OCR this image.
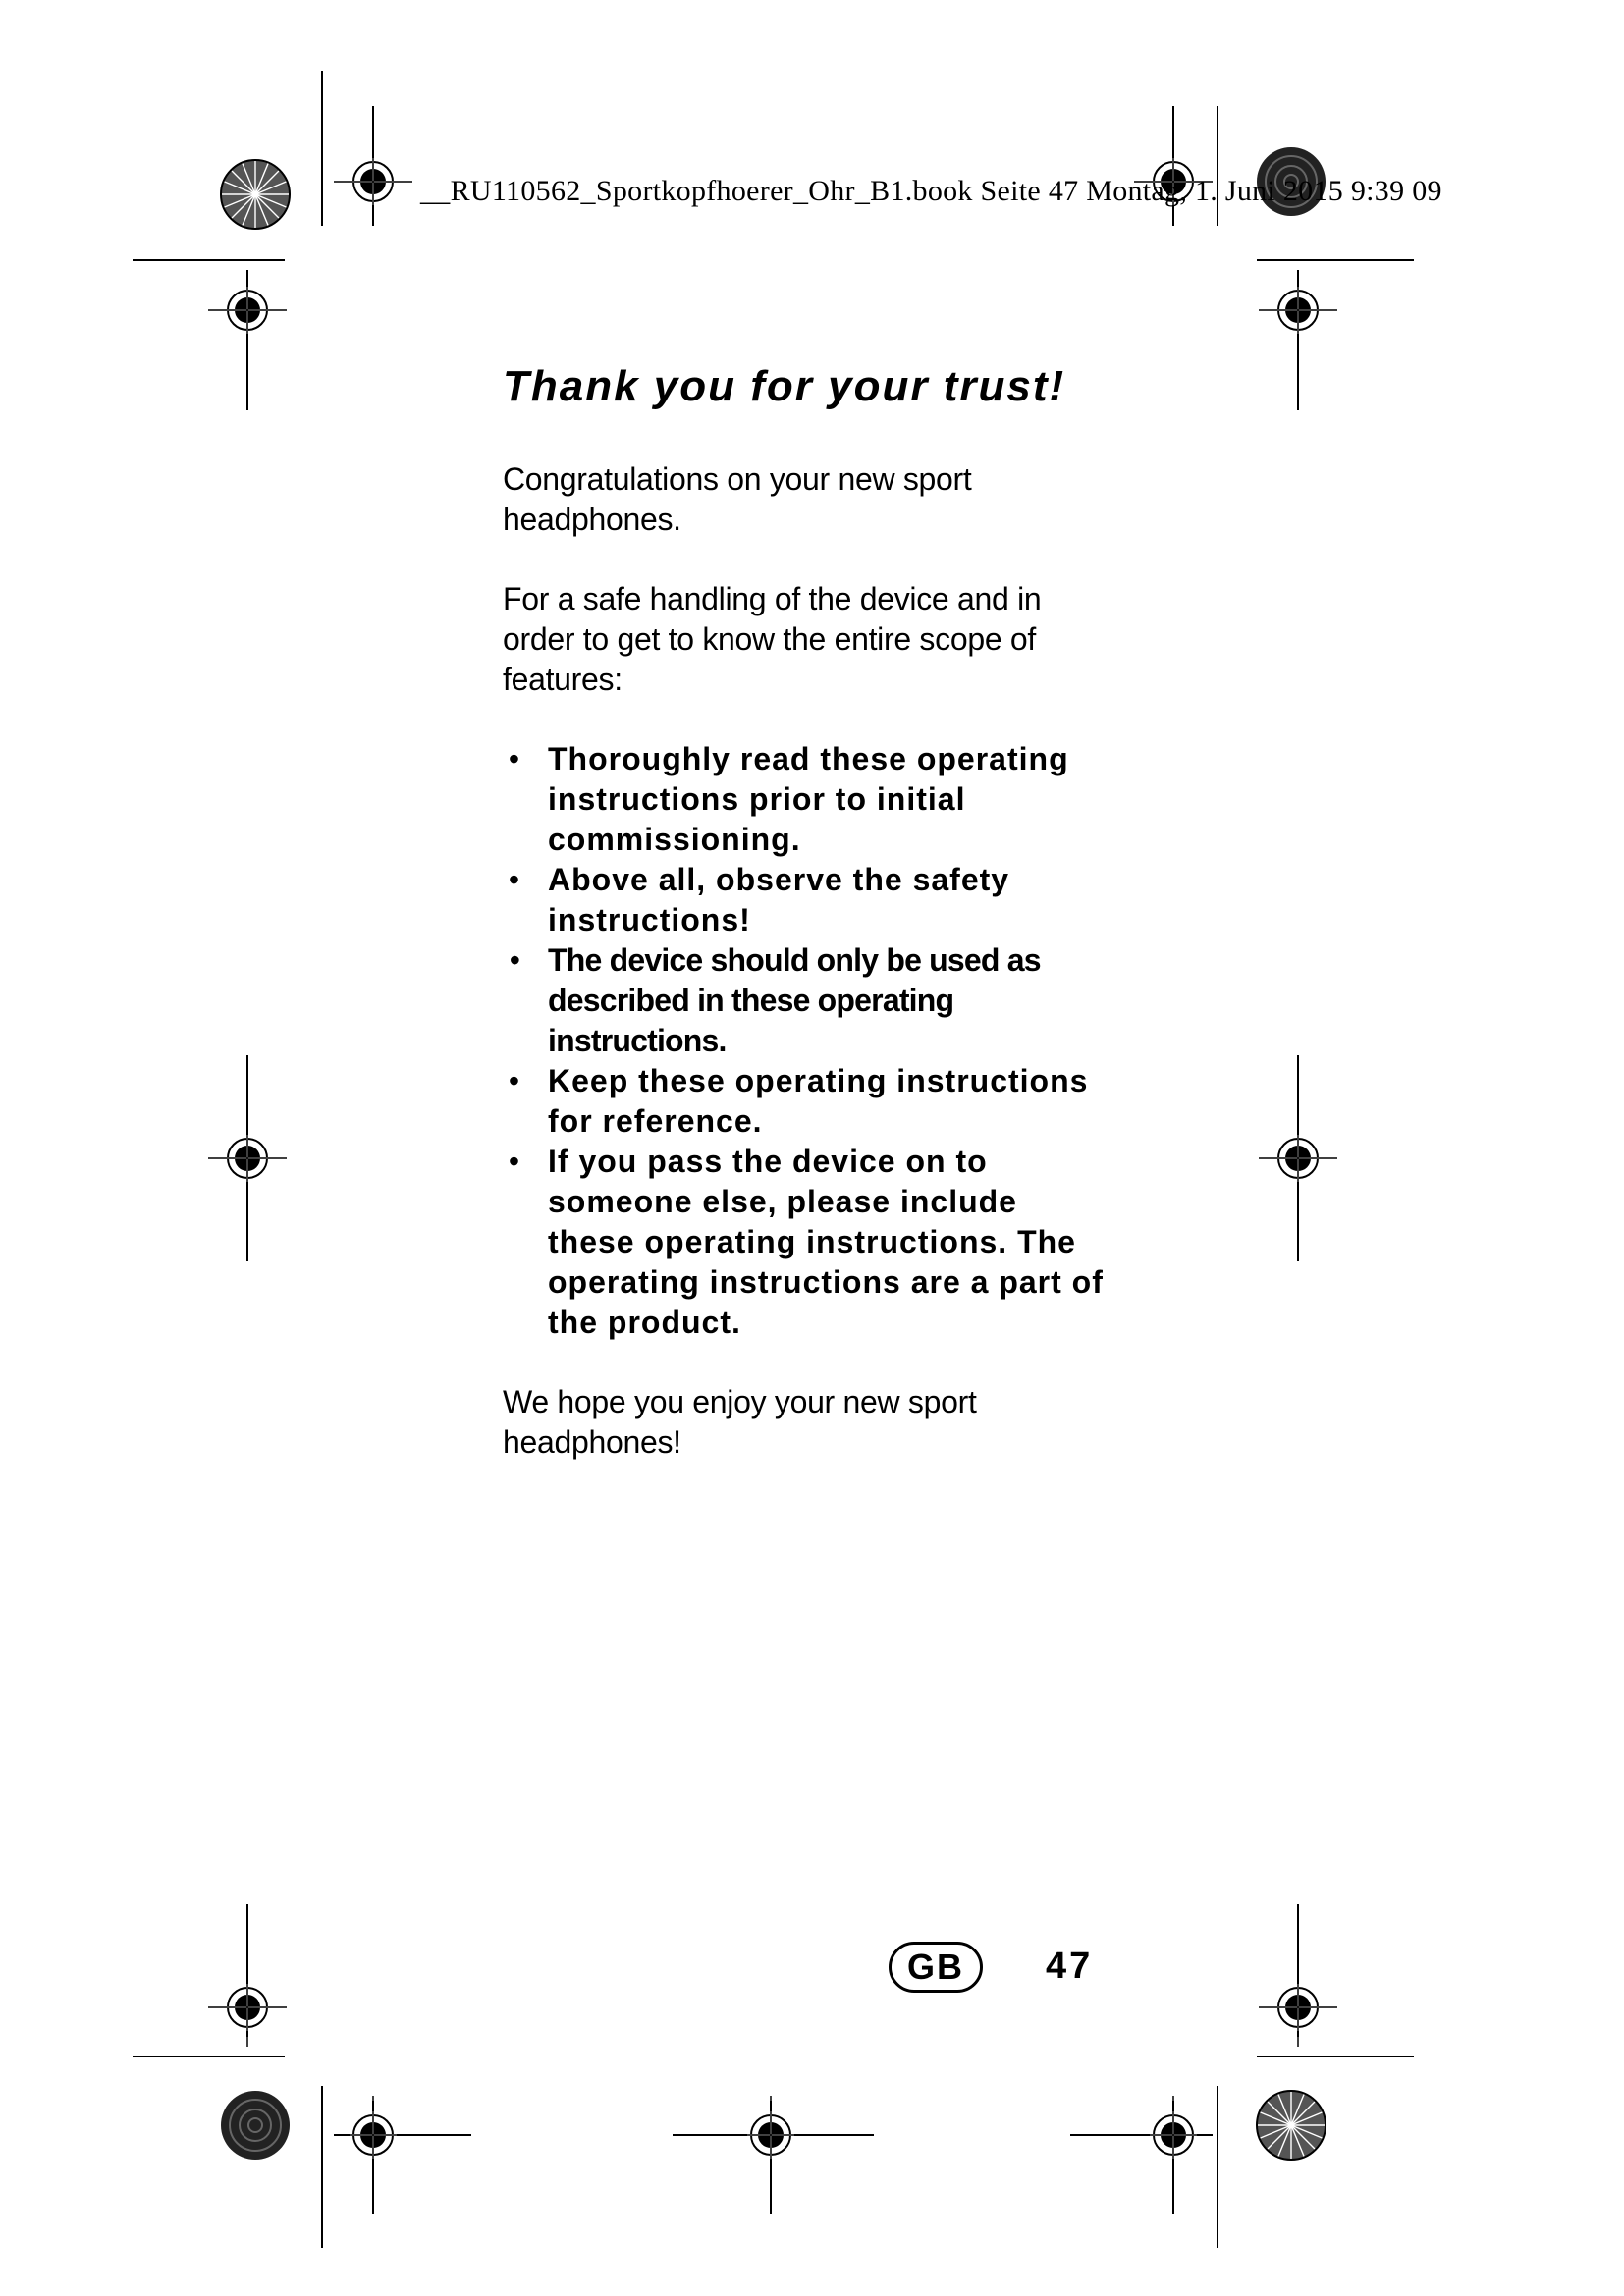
__RU110562_Sportkopfhoerer_Ohr_B1.book Seite 47 Montag, 1. Juni 2015 9:39 09
Thank you for your trust!

Congratulations on your new sport headphones.

For a safe handling of the device and in order to get to know the entire scope of features:

• Thoroughly read these operating instructions prior to initial commissioning.
• Above all, observe the safety instructions!
• The device should only be used as described in these operating instructions.
• Keep these operating instructions for reference.
• If you pass the device on to someone else, please include these operating instructions. The operating instructions are a part of the product.

We hope you enjoy your new sport headphones!

GB	47
